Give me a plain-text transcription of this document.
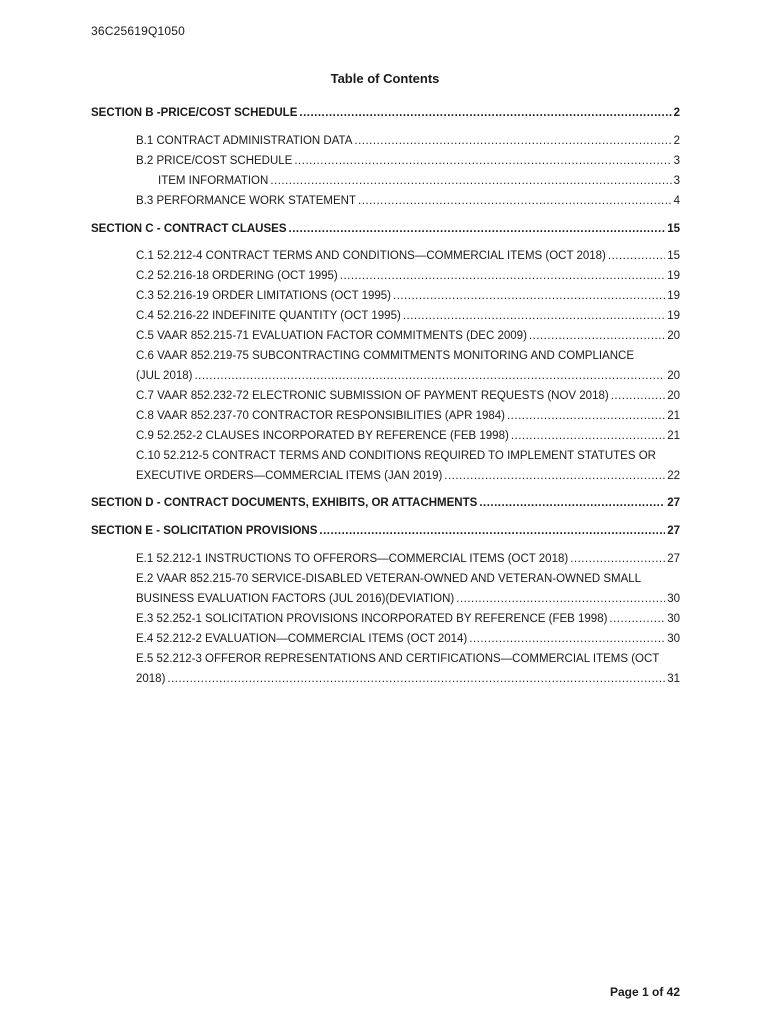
36C25619Q1050
Table of Contents
SECTION B -PRICE/COST SCHEDULE .....	2
B.1 CONTRACT ADMINISTRATION DATA .....	2
B.2 PRICE/COST SCHEDULE .....	3
ITEM INFORMATION .....	3
B.3 PERFORMANCE WORK STATEMENT .....	4
SECTION C - CONTRACT CLAUSES .....	15
C.1 52.212-4 CONTRACT TERMS AND CONDITIONS—COMMERCIAL ITEMS (OCT 2018) .....	15
C.2 52.216-18 ORDERING (OCT 1995) .....	19
C.3 52.216-19 ORDER LIMITATIONS (OCT 1995) .....	19
C.4 52.216-22 INDEFINITE QUANTITY (OCT 1995) .....	19
C.5 VAAR 852.215-71 EVALUATION FACTOR COMMITMENTS (DEC 2009) .....	20
C.6 VAAR 852.219-75 SUBCONTRACTING COMMITMENTS MONITORING AND COMPLIANCE
(JUL 2018) .....	20
C.7 VAAR 852.232-72 ELECTRONIC SUBMISSION OF PAYMENT REQUESTS (NOV 2018) .....	20
C.8 VAAR 852.237-70 CONTRACTOR RESPONSIBILITIES (APR 1984) .....	21
C.9 52.252-2 CLAUSES INCORPORATED BY REFERENCE (FEB 1998) .....	21
C.10 52.212-5 CONTRACT TERMS AND CONDITIONS REQUIRED TO IMPLEMENT STATUTES OR
EXECUTIVE ORDERS—COMMERCIAL ITEMS (JAN 2019) .....	22
SECTION D - CONTRACT DOCUMENTS, EXHIBITS, OR ATTACHMENTS .....	27
SECTION E - SOLICITATION PROVISIONS .....	27
E.1 52.212-1 INSTRUCTIONS TO OFFERORS—COMMERCIAL ITEMS (OCT 2018) .....	27
E.2 VAAR 852.215-70 SERVICE-DISABLED VETERAN-OWNED AND VETERAN-OWNED SMALL
BUSINESS EVALUATION FACTORS (JUL 2016)(DEVIATION) .....	30
E.3 52.252-1 SOLICITATION PROVISIONS INCORPORATED BY REFERENCE (FEB 1998) .....	30
E.4 52.212-2 EVALUATION—COMMERCIAL ITEMS (OCT 2014) .....	30
E.5 52.212-3 OFFEROR REPRESENTATIONS AND CERTIFICATIONS—COMMERCIAL ITEMS (OCT
2018) .....	31
Page 1 of 42
